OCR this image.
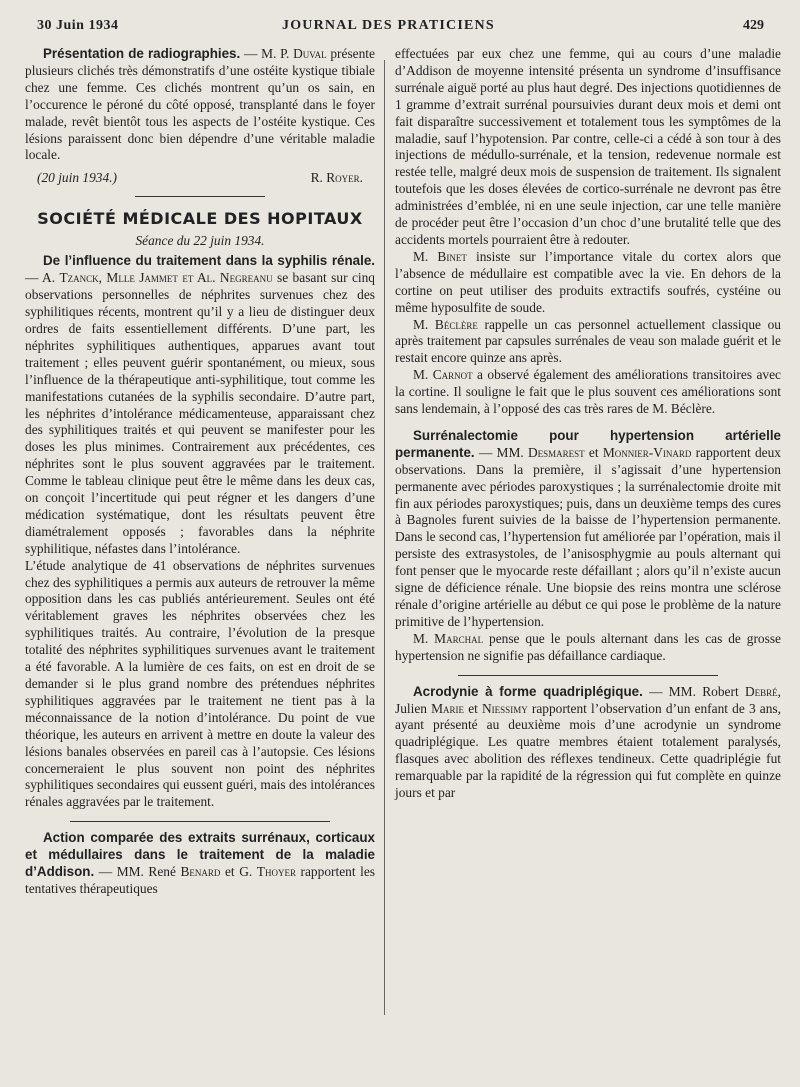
30 Juin 1934	JOURNAL DES PRATICIENS	429

Présentation de radiographies. — M. P. Duval présente plusieurs clichés très démonstratifs d’une ostéite kystique tibiale chez une femme. Ces clichés montrent qu’un os sain, en l’occurence le péroné du côté opposé, transplanté dans le foyer malade, revêt bientôt tous les aspects de l’ostéite kystique. Ces lésions paraissent donc bien dépendre d’une véritable maladie locale.

(20 juin 1934.)	R. Royer.
SOCIÉTÉ MÉDICALE DES HOPITAUX
Séance du 22 juin 1934.

De l’influence du traitement dans la syphilis rénale. — A. Tzanck, Mlle Jammet et Al. Negreanu se basant sur cinq observations personnelles de néphrites survenues chez des syphilitiques récents, montrent qu’il y a lieu de distinguer deux ordres de faits essentiellement différents. D’une part, les néphrites syphilitiques authentiques, apparues avant tout traitement ; elles peuvent guérir spontanément, ou mieux, sous l’influence de la thérapeutique anti-syphilitique, tout comme les manifestations cutanées de la syphilis secondaire. D’autre part, les néphrites d’intolérance médicamenteuse, apparaissant chez des syphilitiques traités et qui peuvent se manifester pour les doses les plus minimes. Contrairement aux précédentes, ces néphrites sont le plus souvent aggravées par le traitement. Comme le tableau clinique peut être le même dans les deux cas, on conçoit l’incertitude qui peut régner et les dangers d’une médication systématique, dont les résultats peuvent être diamétralement opposés ; favorables dans la néphrite syphilitique, néfastes dans l’intolérance.

L’étude analytique de 41 observations de néphrites survenues chez des syphilitiques a permis aux auteurs de retrouver la même opposition dans les cas publiés antérieurement. Seules ont été véritablement graves les néphrites observées chez les syphilitiques traités. Au contraire, l’évolution de la presque totalité des néphrites syphilitiques survenues avant le traitement a été favorable. A la lumière de ces faits, on est en droit de se demander si le plus grand nombre des prétendues néphrites syphilitiques aggravées par le traitement ne tient pas à la méconnaissance de la notion d’intolérance. Du point de vue théorique, les auteurs en arrivent à mettre en doute la valeur des lésions banales observées en pareil cas à l’autopsie. Ces lésions concerneraient le plus souvent non point des néphrites syphilitiques secondaires qui eussent guéri, mais des intolérances rénales aggravées par le traitement.

Action comparée des extraits surrénaux, corticaux et médullaires dans le traitement de la maladie d’Addison. — MM. René Benard et G. Thoyer rapportent les tentatives thérapeutiques

effectuées par eux chez une femme, qui au cours d’une maladie d’Addison de moyenne intensité présenta un syndrome d’insuffisance surrénale aiguë porté au plus haut degré. Des injections quotidiennes de 1 gramme d’extrait surrénal poursuivies durant deux mois et demi ont fait disparaître successivement et totalement tous les symptômes de la maladie, sauf l’hypotension. Par contre, celle-ci a cédé à son tour à des injections de médullo-surrénale, et la tension, redevenue normale est restée telle, malgré deux mois de suspension de traitement. Ils signalent toutefois que les doses élevées de cortico-surrénale ne devront pas être administrées d’emblée, ni en une seule injection, car une telle manière de procéder peut être l’occasion d’un choc d’une brutalité telle que des accidents mortels pourraient être à redouter.

M. Binet insiste sur l’importance vitale du cortex alors que l’absence de médullaire est compatible avec la vie. En dehors de la cortine on peut utiliser des produits extractifs soufrés, cystéine ou même hyposulfite de soude.

M. Béclère rappelle un cas personnel actuellement classique ou après traitement par capsules surrénales de veau son malade guérit et le restait encore quinze ans après.

M. Carnot a observé également des améliorations transitoires avec la cortine. Il souligne le fait que le plus souvent ces améliorations sont sans lendemain, à l’opposé des cas très rares de M. Béclère.

Surrénalectomie pour hypertension artérielle permanente. — MM. Desmarest et Monnier-Vinard rapportent deux observations. Dans la première, il s’agissait d’une hypertension permanente avec périodes paroxystiques ; la surrénalectomie droite mit fin aux périodes paroxystiques; puis, dans un deuxième temps des cures à Bagnoles furent suivies de la baisse de l’hypertension permanente. Dans le second cas, l’hypertension fut améliorée par l’opération, mais il persiste des extrasystoles, de l’anisosphygmie au pouls alternant qui font penser que le myocarde reste défaillant ; alors qu’il n’existe aucun signe de déficience rénale. Une biopsie des reins montra une sclérose rénale d’origine artérielle au début ce qui pose le problème de la nature primitive de l’hypertension.

M. Marchal pense que le pouls alternant dans les cas de grosse hypertension ne signifie pas défaillance cardiaque.

Acrodynie à forme quadriplégique. — MM. Robert Debré, Julien Marie et Niessimy rapportent l’observation d’un enfant de 3 ans, ayant présenté au deuxième mois d’une acrodynie un syndrome quadriplégique. Les quatre membres étaient totalement paralysés, flasques avec abolition des réflexes tendineux. Cette quadriplégie fut remarquable par la rapidité de la régression qui fut complète en quinze jours et par
